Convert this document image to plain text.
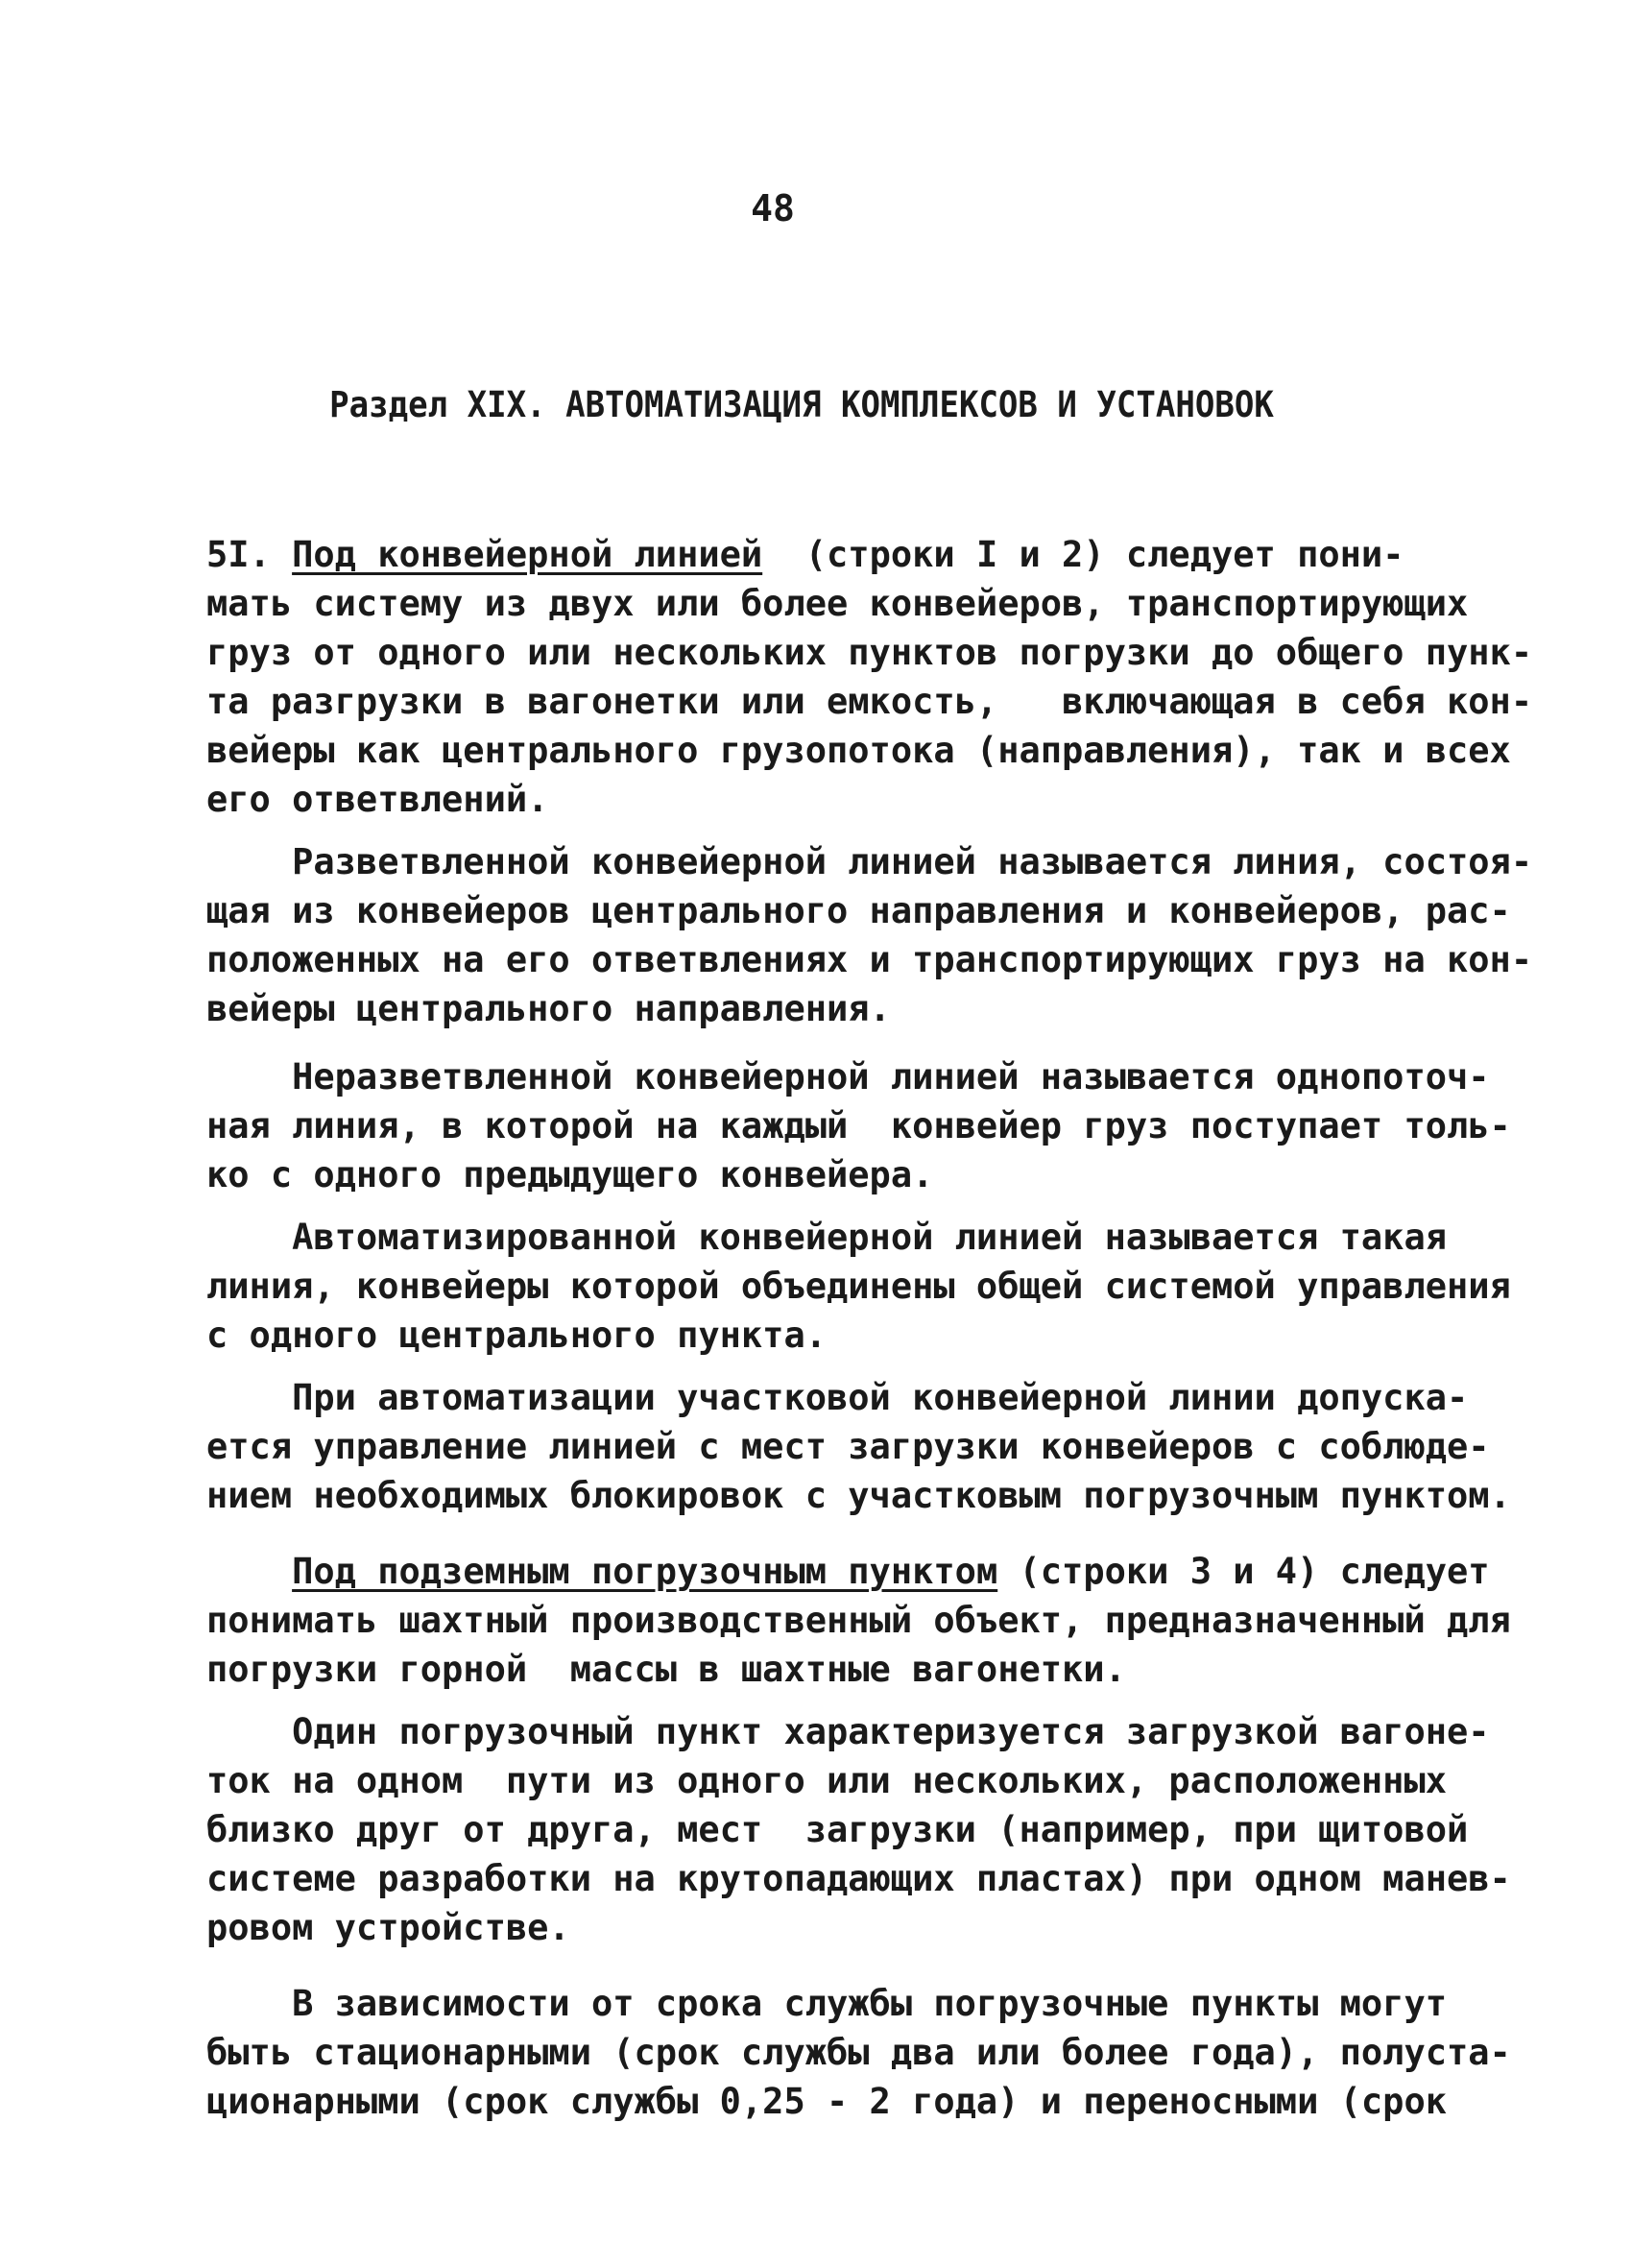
48
Раздел XIX. АВТОМАТИЗАЦИЯ КОМПЛЕКСОВ И УСТАНОВОК
5I. Под конвейерной линией  (строки I и 2) следует пони-
мать систему из двух или более конвейеров, транспортирующих
груз от одного или нескольких пунктов погрузки до общего пунк-
та разгрузки в вагонетки или емкость,   включающая в себя кон-
вейеры как центрального грузопотока (направления), так и всех
его ответвлений.
Разветвленной конвейерной линией называется линия, состоя-
щая из конвейеров центрального направления и конвейеров, рас-
положенных на его ответвлениях и транспортирующих груз на кон-
вейеры центрального направления.
Неразветвленной конвейерной линией называется однопоточ-
ная линия, в которой на каждый  конвейер груз поступает толь-
ко с одного предыдущего конвейера.
Автоматизированной конвейерной линией называется такая
линия, конвейеры которой объединены общей системой управления
с одного центрального пункта.
При автоматизации участковой конвейерной линии допуска-
ется управление линией с мест загрузки конвейеров с соблюде-
нием необходимых блокировок с участковым погрузочным пунктом.
Под подземным погрузочным пунктом (строки 3 и 4) следует
понимать шахтный производственный объект, предназначенный для
погрузки горной  массы в шахтные вагонетки.
Один погрузочный пункт характеризуется загрузкой вагоне-
ток на одном  пути из одного или нескольких, расположенных
близко друг от друга, мест  загрузки (например, при щитовой
системе разработки на крутопадающих пластах) при одном манев-
ровом устройстве.
В зависимости от срока службы погрузочные пункты могут
быть стационарными (срок службы два или более года), полуста-
ционарными (срок службы 0,25 - 2 года) и переносными (срок
